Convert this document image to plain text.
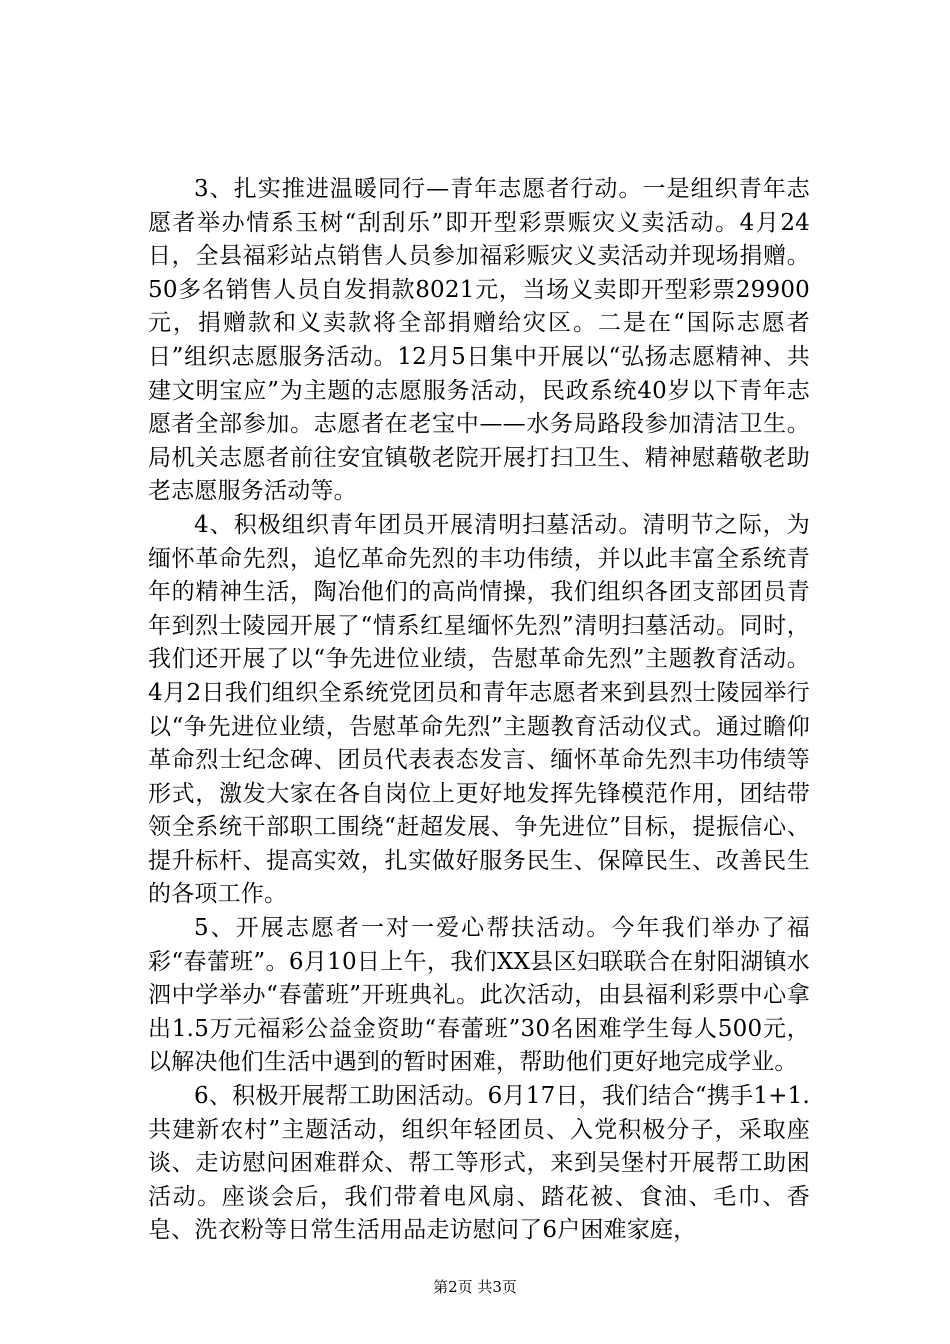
3、扎实推进温暖同行—青年志愿者行动。一是组织青年志愿者举办情系玉树“刮刮乐”即开型彩票赈灾义卖活动。4月24日，全县福彩站点销售人员参加福彩赈灾义卖活动并现场捐赠。50多名销售人员自发捐款8021元，当场义卖即开型彩票29900元，捐赠款和义卖款将全部捐赠给灾区。二是在“国际志愿者日”组织志愿服务活动。12月5日集中开展以“弘扬志愿精神、共建文明宝应”为主题的志愿服务活动，民政系统40岁以下青年志愿者全部参加。志愿者在老宝中——水务局路段参加清洁卫生。局机关志愿者前往安宜镇敬老院开展打扫卫生、精神慰藉敬老助老志愿服务活动等。

4、积极组织青年团员开展清明扫墓活动。清明节之际，为缅怀革命先烈，追忆革命先烈的丰功伟绩，并以此丰富全系统青年的精神生活，陶冶他们的高尚情操，我们组织各团支部团员青年到烈士陵园开展了“情系红星缅怀先烈”清明扫墓活动。同时，我们还开展了以“争先进位业绩，告慰革命先烈”主题教育活动。4月2日我们组织全系统党团员和青年志愿者来到县烈士陵园举行以“争先进位业绩，告慰革命先烈”主题教育活动仪式。通过瞻仰革命烈士纪念碑、团员代表表态发言、缅怀革命先烈丰功伟绩等形式，激发大家在各自岗位上更好地发挥先锋模范作用，团结带领全系统干部职工围绕“赶超发展、争先进位”目标，提振信心、提升标杆、提高实效，扎实做好服务民生、保障民生、改善民生的各项工作。

5、开展志愿者一对一爱心帮扶活动。今年我们举办了福彩“春蕾班”。6月10日上午，我们XX县区妇联联合在射阳湖镇水泗中学举办“春蕾班”开班典礼。此次活动，由县福利彩票中心拿出1.5万元福彩公益金资助“春蕾班”30名困难学生每人500元，以解决他们生活中遇到的暂时困难，帮助他们更好地完成学业。

6、积极开展帮工助困活动。6月17日，我们结合“携手1+1.共建新农村”主题活动，组织年轻团员、入党积极分子，采取座谈、走访慰问困难群众、帮工等形式，来到吴堡村开展帮工助困活动。座谈会后，我们带着电风扇、踏花被、食油、毛巾、香皂、洗衣粉等日常生活用品走访慰问了6户困难家庭，

第2页 共3页
